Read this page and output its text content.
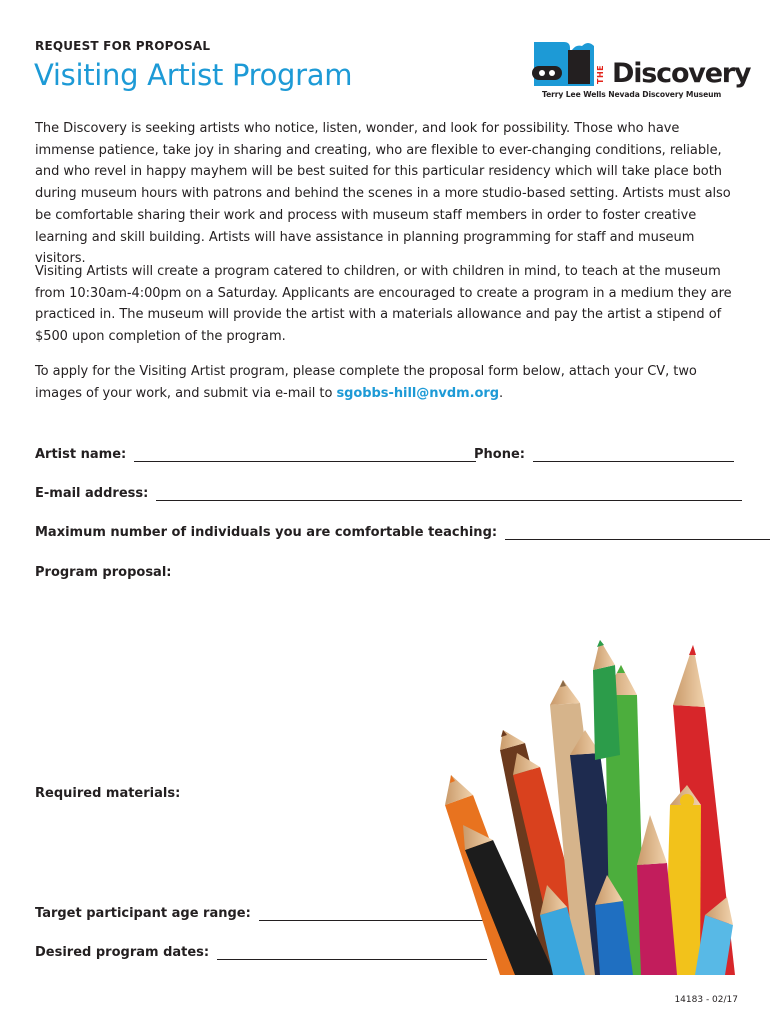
REQUEST FOR PROPOSAL
Visiting Artist Program	THE Discovery
Terry Lee Wells Nevada Discovery Museum

The Discovery is seeking artists who notice, listen, wonder, and look for possibility. Those who have immense patience, take joy in sharing and creating, who are flexible to ever-changing conditions, reliable, and who revel in happy mayhem will be best suited for this particular residency which will take place both during museum hours with patrons and behind the scenes in a more studio-based setting. Artists must also be comfortable sharing their work and process with museum staff members in order to foster creative learning and skill building. Artists will have assistance in planning programming for staff and museum visitors.

Visiting Artists will create a program catered to children, or with children in mind, to teach at the museum from 10:30am-4:00pm on a Saturday. Applicants are encouraged to create a program in a medium they are practiced in. The museum will provide the artist with a materials allowance and pay the artist a stipend of $500 upon completion of the program.

To apply for the Visiting Artist program, please complete the proposal form below, attach your CV, two images of your work, and submit via e-mail to sgobbs-hill@nvdm.org.

Artist name:	Phone:
E-mail address:
Maximum number of individuals you are comfortable teaching:
Program proposal:
Required materials:
Target participant age range:
Desired program dates:
14183 - 02/17
